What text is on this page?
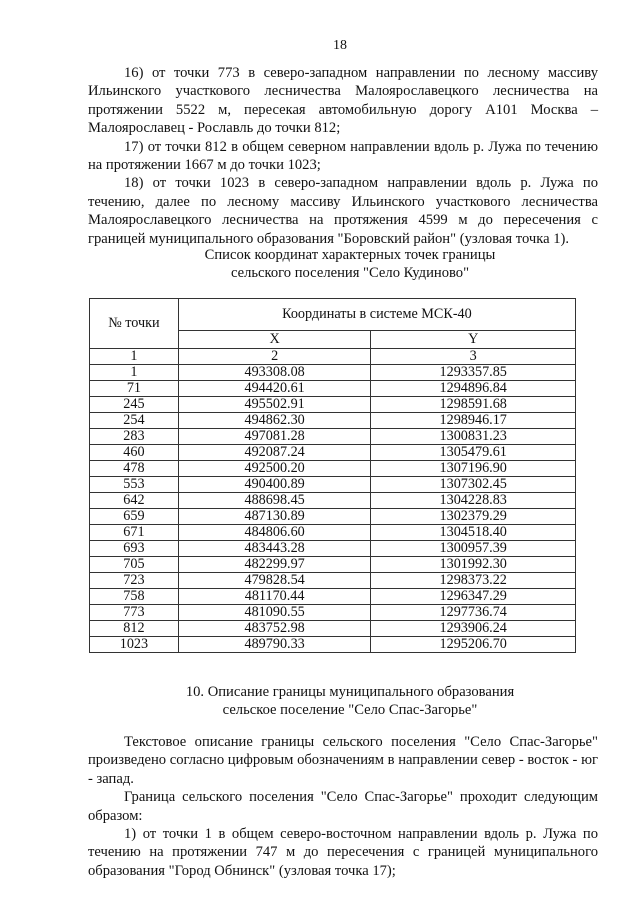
18

16) от точки 773 в северо-западном направлении по лесному массиву Ильинского участкового лесничества Малоярославецкого лесничества на протяжении 5522 м, пересекая автомобильную дорогу А101 Москва – Малоярославец - Рославль до точки 812;

17) от точки 812 в общем северном направлении вдоль р. Лужа по течению на протяжении 1667 м до точки 1023;

18) от точки 1023 в северо-западном направлении вдоль р. Лужа по течению, далее по лесному массиву Ильинского участкового лесничества Малоярославецкого лесничества на протяжения 4599 м до пересечения с границей муниципального образования "Боровский район" (узловая точка 1).

Список координат характерных точек границы
сельского поселения "Село Кудиново"
№ точки	Координаты в системе МСК-40	
	X	Y
1	2	3
1	493308.08	1293357.85
71	494420.61	1294896.84
245	495502.91	1298591.68
254	494862.30	1298946.17
283	497081.28	1300831.23
460	492087.24	1305479.61
478	492500.20	1307196.90
553	490400.89	1307302.45
642	488698.45	1304228.83
659	487130.89	1302379.29
671	484806.60	1304518.40
693	483443.28	1300957.39
705	482299.97	1301992.30
723	479828.54	1298373.22
758	481170.44	1296347.29
773	481090.55	1297736.74
812	483752.98	1293906.24
1023	489790.33	1295206.70
10. Описание границы муниципального образования
сельское поселение "Село Спас-Загорье"

Текстовое описание границы сельского поселения "Село Спас-Загорье" произведено согласно цифровым обозначениям в направлении север - восток - юг - запад.

Граница сельского поселения "Село Спас-Загорье" проходит следующим образом:

1) от точки 1 в общем северо-восточном направлении вдоль р. Лужа по течению на протяжении 747 м до пересечения с границей муниципального образования "Город Обнинск" (узловая точка 17);
